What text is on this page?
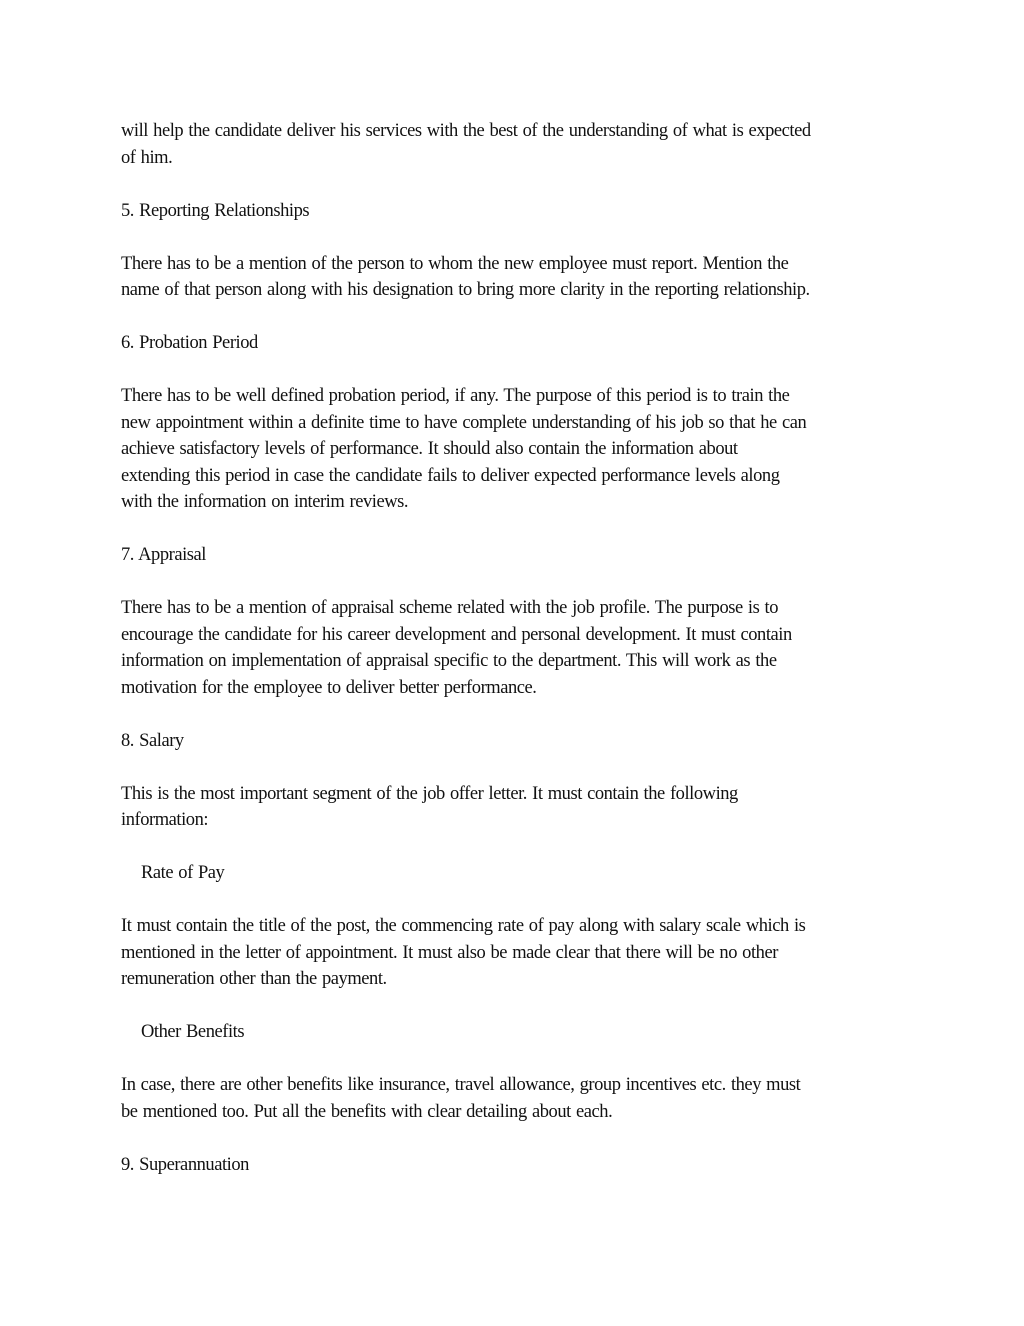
will help the candidate deliver his services with the best of the understanding of what is expected
of him.
5. Reporting Relationships
There has to be a mention of the person to whom the new employee must report. Mention the
name of that person along with his designation to bring more clarity in the reporting relationship.
6. Probation Period
There has to be well defined probation period, if any. The purpose of this period is to train the
new appointment within a definite time to have complete understanding of his job so that he can
achieve satisfactory levels of performance. It should also contain the information about
extending this period in case the candidate fails to deliver expected performance levels along
with the information on interim reviews.
7. Appraisal
There has to be a mention of appraisal scheme related with the job profile. The purpose is to
encourage the candidate for his career development and personal development. It must contain
information on implementation of appraisal specific to the department. This will work as the
motivation for the employee to deliver better performance.
8. Salary
This is the most important segment of the job offer letter. It must contain the following
information:
Rate of Pay
It must contain the title of the post, the commencing rate of pay along with salary scale which is
mentioned in the letter of appointment. It must also be made clear that there will be no other
remuneration other than the payment.
Other Benefits
In case, there are other benefits like insurance, travel allowance, group incentives etc. they must
be mentioned too. Put all the benefits with clear detailing about each.
9. Superannuation
